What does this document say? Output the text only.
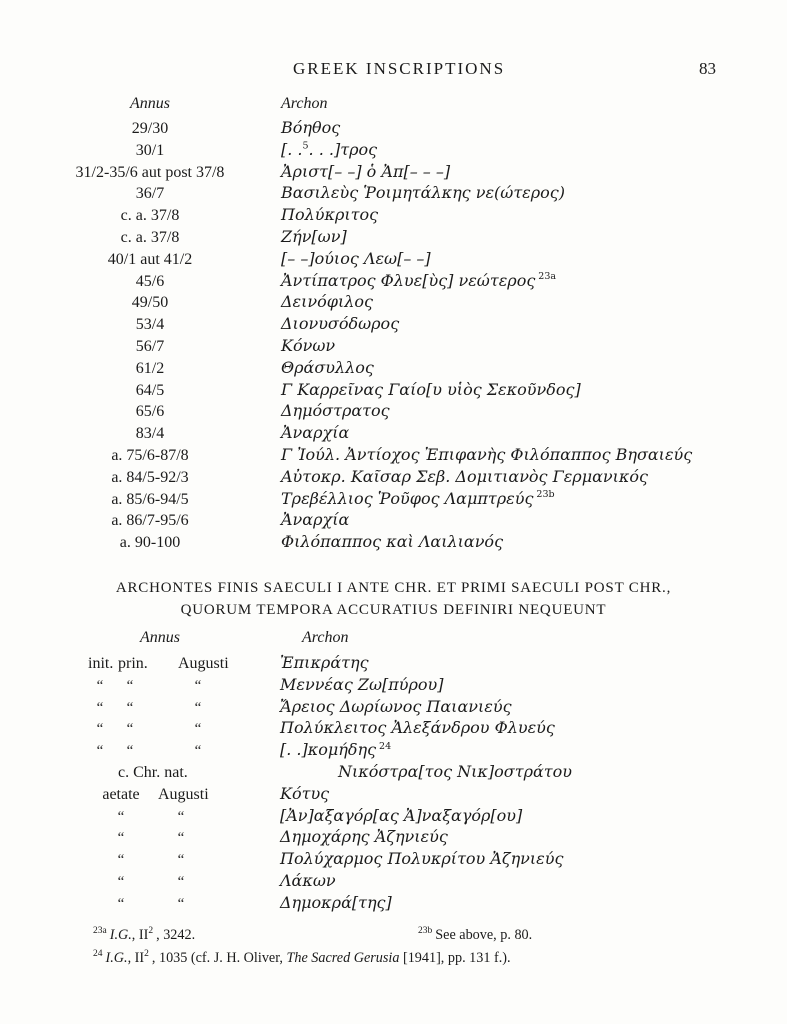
GREEK INSCRIPTIONS	83
Annus	Archon
29/30	Βόηθος
30/1	[. .$^5$. . .]τρος
31/2-35/6 aut post 37/8	Ἀριστ[– –] ὁ Ἀπ[– – –]
36/7	Βασιλεὺς Ῥοιμητάλκης νε(ώτερος)
c. a. 37/8	Πολύκριτος
c. a. 37/8	Ζήν[ων]
40/1 aut 41/2	[– –]ούιος Λεω[– –]
45/6	Ἀντίπατρος Φλυε[ὺς] νεώτερος $^{23a}$
49/50	Δεινόφιλος
53/4	Διονυσόδωρος
56/7	Κόνων
61/2	Θράσυλλος
64/5	Γ Καρρεῖνας Γαίο[υ υἱὸς Σεκοῦνδος]
65/6	Δημόστρατος
83/4	Ἀναρχία
a. 75/6-87/8	Γ Ἰούλ. Ἀντίοχος Ἐπιφανὴς Φιλόπαππος Βησαιεύς
a. 84/5-92/3	Αὐτοκρ. Καῖσαρ Σεβ. Δομιτιανὸς Γερμανικός
a. 85/6-94/5	Τρεβέλλιος Ῥοῦφος Λαμπτρεύς $^{23b}$
a. 86/7-95/6	Ἀναρχία
a. 90-100	Φιλόπαππος καὶ Λαιλιανός
ARCHONTES FINIS SAECULI I ANTE CHR. ET PRIMI SAECULI POST CHR.,
QUORUM TEMPORA ACCURATIUS DEFINIRI NEQUEUNT
Annus	Archon
init. prin. Augusti	Ἐπικράτης
“ “	“	Μεννέας Ζω[πύρου]
“ “	“	Ἄρειος Δωρίωνος Παιανιεύς
“ “	“	Πολύκλειτος Ἀλεξάνδρου Φλυεύς
“ “	“	[. .]κομήδης $^{24}$
c. Chr. nat.	Νικόστρα[τος Νικ]οστράτου
aetate Augusti	Κότυς
“	“	[Ἀν]αξαγόρ[ας Ἀ]ναξαγόρ[ου]
“	“	Δημοχάρης Ἀζηνιεύς
“	“	Πολύχαρμος Πολυκρίτου Ἀζηνιεύς
“	“	Λάκων
“	“	Δημοκρά[της]
$^{23a}$ I.G., $II^2$ , 3242.	$^{23b}$ See above, p. 80.
$^{24}$ I.G., $II^2$ , 1035 (cf. J. H. Oliver, The Sacred Gerusia [1941], pp. 131 f.).
